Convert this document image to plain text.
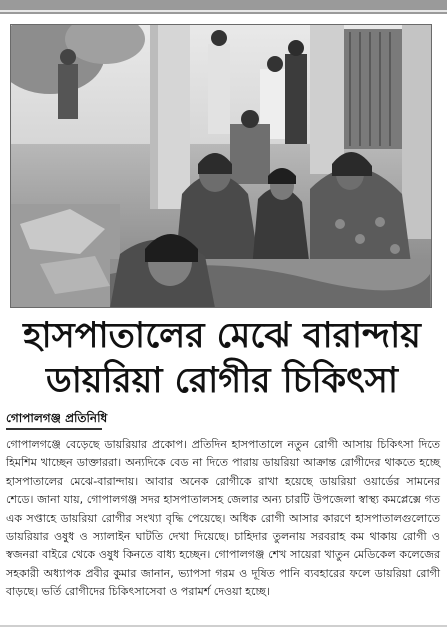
হাসপাতালের মেঝে বারান্দায়
ডায়রিয়া রোগীর চিকিৎসা
গোপালগঞ্জ প্রতিনিধি
গোপালগঞ্জে বেড়েছে ডায়রিয়ার প্রকোপ। প্রতিদিন হাসপাতালে নতুন রোগী আসায় চিকিৎসা দিতে হিমশিম খাচ্ছেন ডাক্তাররা। অন্যদিকে বেড না দিতে পারায় ডায়রিয়া আক্রান্ত রোগীদের থাকতে হচ্ছে হাসপাতালের মেঝে-বারান্দায়। আবার অনেক রোগীকে রাখা হয়েছে ডায়রিয়া ওয়ার্ডের সামনের শেডে। জানা যায়, গোপালগঞ্জ সদর হাসপাতালসহ জেলার অন্য চারটি উপজেলা স্বাস্থ্য কমপ্লেক্সে গত এক সপ্তাহে ডায়রিয়া রোগীর সংখ্যা বৃদ্ধি পেয়েছে। অধিক রোগী আসার কারণে হাসপাতালগুলোতে ডায়রিয়ার ওষুধ ও স্যালাইন ঘাটতি দেখা দিয়েছে। চাহিদার তুলনায় সরবরাহ কম থাকায় রোগী ও স্বজনরা বাইরে থেকে ওষুধ কিনতে বাধ্য হচ্ছেন। গোপালগঞ্জ শেখ সায়েরা খাতুন মেডিকেল কলেজের সহকারী অধ্যাপক প্রবীর কুমার জানান, ভ্যাপসা গরম ও দূষিত পানি ব্যবহারের ফলে ডায়রিয়া রোগী বাড়ছে। ভর্তি রোগীদের চিকিৎসাসেবা ও পরামর্শ দেওয়া হচ্ছে।
